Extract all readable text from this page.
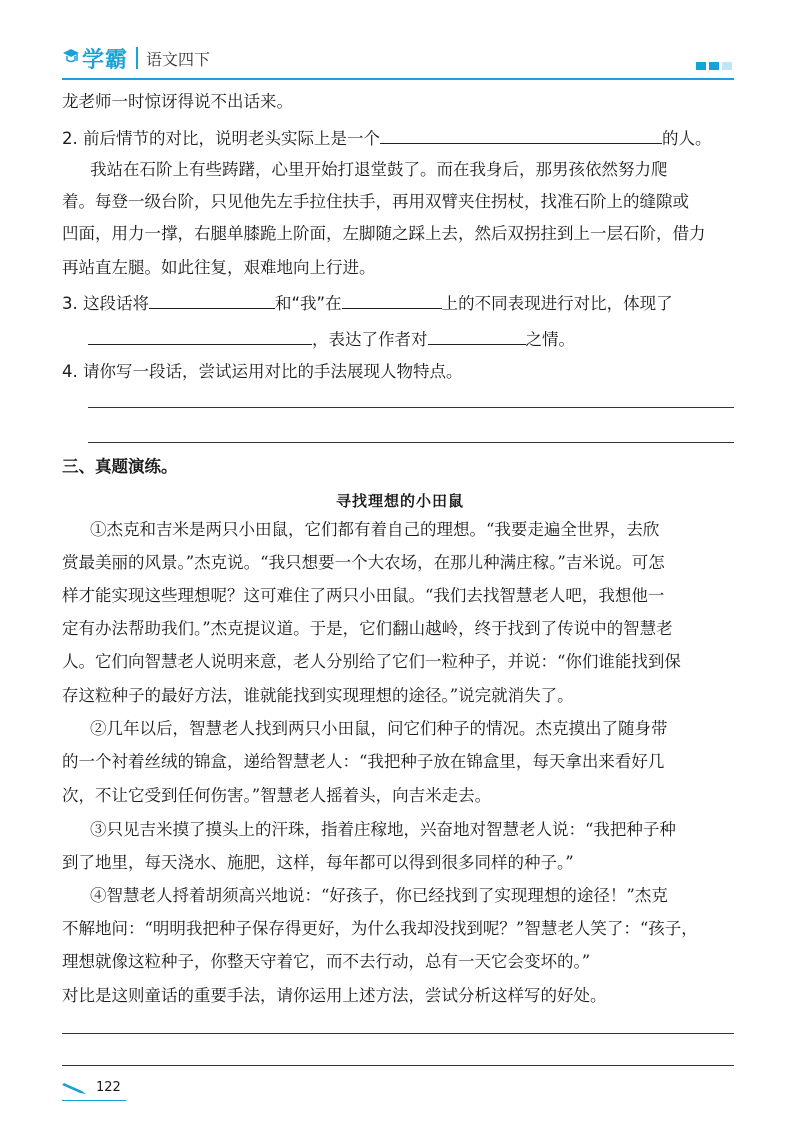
学霸 语文四下
龙老师一时惊讶得说不出话来。
2. 前后情节的对比，说明老头实际上是一个	的人。
我站在石阶上有些踌躇，心里开始打退堂鼓了。而在我身后，那男孩依然努力爬
着。每登一级台阶，只见他先左手拉住扶手，再用双臂夹住拐杖，找准石阶上的缝隙或
凹面，用力一撑，右腿单膝跪上阶面，左脚随之踩上去，然后双拐拄到上一层石阶，借力
再站直左腿。如此往复，艰难地向上行进。
3. 这段话将	和“我”在	上的不同表现进行对比，体现了
，表达了作者对	之情。
4. 请你写一段话，尝试运用对比的手法展现人物特点。
三、真题演练。
寻找理想的小田鼠
①杰克和吉米是两只小田鼠，它们都有着自己的理想。“我要走遍全世界，去欣
赏最美丽的风景。”杰克说。“我只想要一个大农场，在那儿种满庄稼。”吉米说。可怎
样才能实现这些理想呢？这可难住了两只小田鼠。“我们去找智慧老人吧，我想他一
定有办法帮助我们。”杰克提议道。于是，它们翻山越岭，终于找到了传说中的智慧老
人。它们向智慧老人说明来意，老人分别给了它们一粒种子，并说：“你们谁能找到保
存这粒种子的最好方法，谁就能找到实现理想的途径。”说完就消失了。
②几年以后，智慧老人找到两只小田鼠，问它们种子的情况。杰克摸出了随身带
的一个衬着丝绒的锦盒，递给智慧老人：“我把种子放在锦盒里，每天拿出来看好几
次，不让它受到任何伤害。”智慧老人摇着头，向吉米走去。
③只见吉米摸了摸头上的汗珠，指着庄稼地，兴奋地对智慧老人说：“我把种子种
到了地里，每天浇水、施肥，这样，每年都可以得到很多同样的种子。”
④智慧老人捋着胡须高兴地说：“好孩子，你已经找到了实现理想的途径！”杰克
不解地问：“明明我把种子保存得更好，为什么我却没找到呢？”智慧老人笑了：“孩子，
理想就像这粒种子，你整天守着它，而不去行动，总有一天它会变坏的。”
对比是这则童话的重要手法，请你运用上述方法，尝试分析这样写的好处。
122
